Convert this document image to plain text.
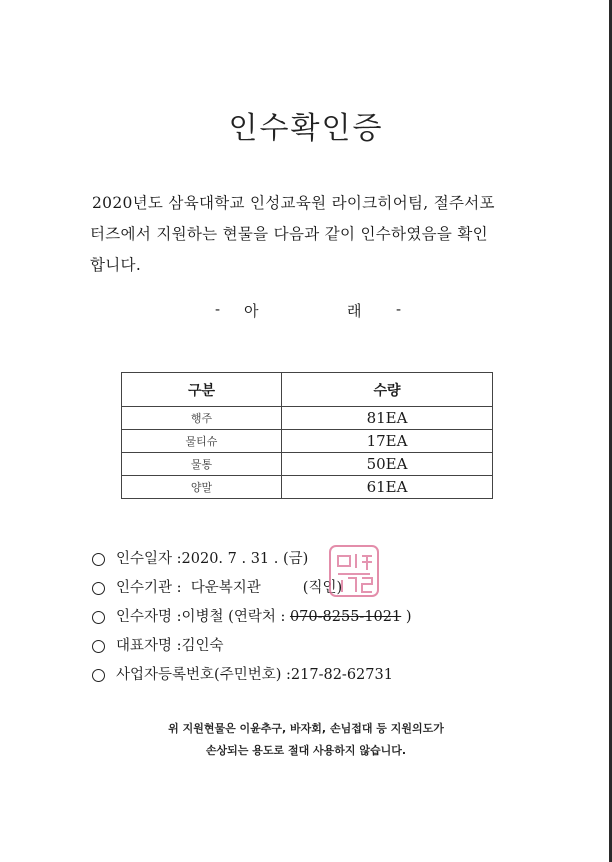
인수확인증
2020년도 삼육대학교 인성교육원 라이크히어팀, 절주서포
터즈에서 지원하는 현물을 다음과 같이 인수하였음을 확인
합니다.
- 아	래 -
구분	수량
행주	81EA
물티슈	17EA
물통	50EA
양말	61EA
인수일자 : 2020. 7 . 31 . (금)
인수기관 : 다운복지관	(직인)
인수자명 : 이병철 (연락처 : 070-8255-1021 )
대표자명 : 김인숙
사업자등록번호(주민번호) : 217-82-62731
위 지원현물은 이윤추구, 바자회, 손님접대 등 지원의도가
손상되는 용도로 절대 사용하지 않습니다.
